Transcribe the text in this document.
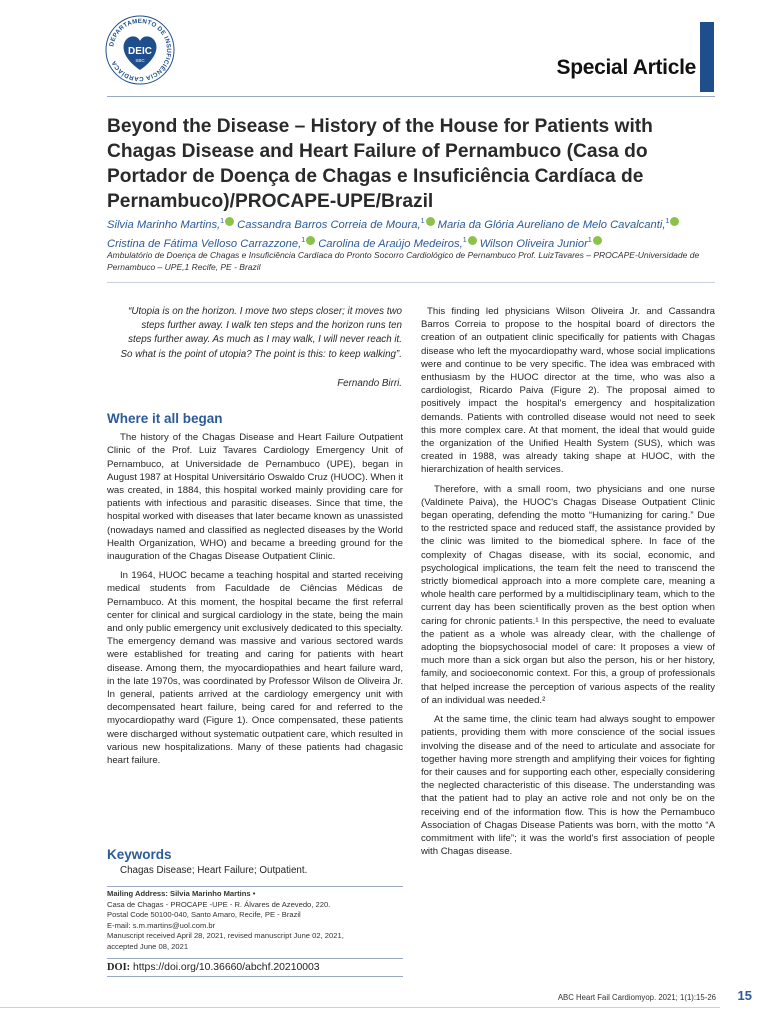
DEPARTAMENTO DE INSUFICIÊNCIA CARDÍACA
DEIC
SBC	Special Article
Beyond the Disease – History of the House for Patients with Chagas Disease and Heart Failure of Pernambuco (Casa do Portador de Doença de Chagas e Insuficiência Cardíaca de Pernambuco)/PROCAPE-UPE/Brazil
Silvia Marinho Martins,$^1$ Cassandra Barros Correia de Moura,$^1$ Maria da Glória Aureliano de Melo Cavalcanti,$^1$
Cristina de Fátima Velloso Carrazzone,$^1$ Carolina de Araújo Medeiros,$^1$ Wilson Oliveira Junior$^1$
Ambulatório de Doença de Chagas e Insuficiência Cardíaca do Pronto Socorro Cardiológico de Pernambuco Prof. LuizTavares – PROCAPE-Universidade de Pernambuco – UPE,1 Recife, PE - Brazil
“Utopia is on the horizon. I move two steps closer; it moves two steps further away. I walk ten steps and the horizon runs ten steps further away. As much as I may walk, I will never reach it. So what is the point of utopia? The point is this: to keep walking”.
Fernando Birri.
Where it all began

The history of the Chagas Disease and Heart Failure Outpatient Clinic of the Prof. Luiz Tavares Cardiology Emergency Unit of Pernambuco, at Universidade de Pernambuco (UPE), began in August 1987 at Hospital Universitário Oswaldo Cruz (HUOC). When it was created, in 1884, this hospital worked mainly providing care for patients with infectious and parasitic diseases. Since that time, the hospital worked with diseases that later became known as unassisted (nowadays named and classified as neglected diseases by the World Health Organization, WHO) and became a breeding ground for the inauguration of the Chagas Disease Outpatient Clinic.

In 1964, HUOC became a teaching hospital and started receiving medical students from Faculdade de Ciências Médicas de Pernambuco. At this moment, the hospital became the first referral center for clinical and surgical cardiology in the state, being the main and only public emergency unit exclusively dedicated to this specialty. The emergency demand was massive and various sectored wards were established for treating and caring for patients with heart disease. Among them, the myocardiopathies and heart failure ward, in the late 1970s, was coordinated by Professor Wilson de Oliveira Jr. In general, patients arrived at the cardiology emergency unit with decompensated heart failure, being cared for and referred to the myocardiopathy ward (Figure 1). Once compensated, these patients were discharged without systematic outpatient care, which resulted in various new hospitalizations. Many of these patients had chagasic heart failure.

Keywords
Chagas Disease; Heart Failure; Outpatient.
Mailing Address: Silvia Marinho Martins •
Casa de Chagas - PROCAPE -UPE - R. Álvares de Azevedo, 220.
Postal Code 50100-040, Santo Amaro, Recife, PE - Brazil
E-mail: s.m.martins@uol.com.br
Manuscript received April 28, 2021, revised manuscript June 02, 2021,
accepted June 08, 2021
DOI: https://doi.org/10.36660/abchf.20210003

This finding led physicians Wilson Oliveira Jr. and Cassandra Barros Correia to propose to the hospital board of directors the creation of an outpatient clinic specifically for patients with Chagas disease who left the myocardiopathy ward, whose social implications were and continue to be very specific. The idea was embraced with enthusiasm by the HUOC director at the time, who was also a cardiologist, Ricardo Paiva (Figure 2). The proposal aimed to positively impact the hospital's emergency and hospitalization demands. Patients with controlled disease would not need to seek this more complex care. At that moment, the ideal that would guide the organization of the Unified Health System (SUS), which was created in 1988, was already taking shape at HUOC, with the hierarchization of health services.

Therefore, with a small room, two physicians and one nurse (Valdinete Paiva), the HUOC's Chagas Disease Outpatient Clinic began operating, defending the motto “Humanizing for caring.” Due to the restricted space and reduced staff, the assistance provided by the clinic was limited to the biomedical sphere. In face of the complexity of Chagas disease, with its social, economic, and psychological implications, the team felt the need to transcend the strictly biomedical approach into a more complete care, meaning a whole health care performed by a multidisciplinary team, which to the current day has been scientifically proven as the best option when caring for chronic patients.¹ In this perspective, the need to evaluate the patient as a whole was already clear, with the challenge of adopting the biopsychosocial model of care: It proposes a view of much more than a sick organ but also the person, his or her history, family, and socioeconomic context. For this, a group of professionals that helped increase the perception of various aspects of the reality of an individual was needed.²

At the same time, the clinic team had always sought to empower patients, providing them with more conscience of the social issues involving the disease and of the need to articulate and associate for together having more strength and amplifying their voices for fighting for their causes and for supporting each other, especially considering the neglected characteristic of this disease. The understanding was that the patient had to play an active role and not only be on the receiving end of the information flow. This is how the Pernambuco Association of Chagas Disease Patients was born, with the motto “A commitment with life”; it was the world's first association of people with Chagas disease.

ABC Heart Fail Cardiomyop. 2021; 1(1):15-26	15
